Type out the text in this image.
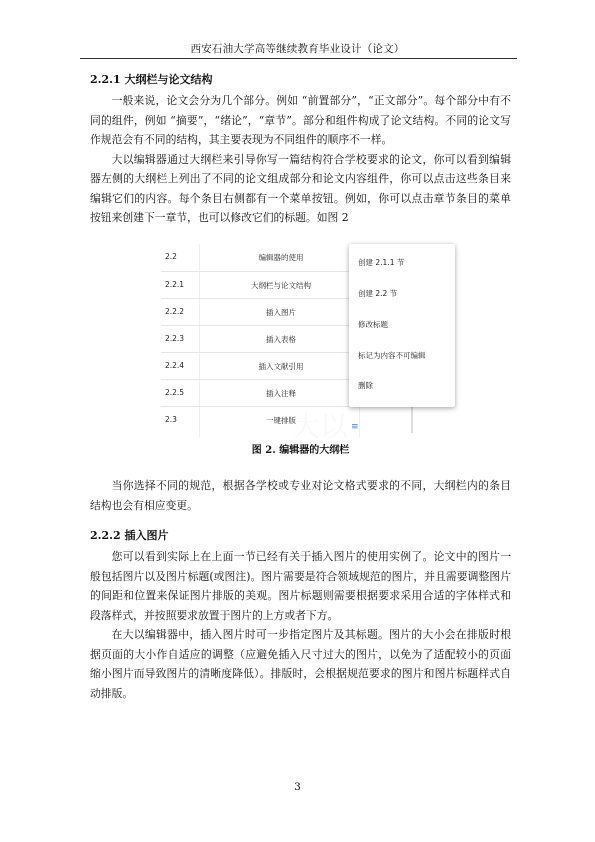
西安石油大学高等继续教育毕业设计（论文）
2.2.1 大纲栏与论文结构

一般来说，论文会分为几个部分。例如 “前置部分”，“正文部分”。每个部分中有不同的组件，例如 “摘要”，“绪论”，“章节”。部分和组件构成了论文结构。不同的论文写作规范会有不同的结构，其主要表现为不同组件的顺序不一样。

大以编辑器通过大纲栏来引导你写一篇结构符合学校要求的论文，你可以看到编辑器左侧的大纲栏上列出了不同的论文组成部分和论文内容组件，你可以点击这些条目来编辑它们的内容。每个条目右侧都有一个菜单按钮。例如，你可以点击章节条目的菜单按钮来创建下一章节，也可以修改它们的标题。如图 2

2.2	编辑器的使用
2.2.1	大纲栏与论文结构
2.2.2	插入图片
2.2.3	插入表格
2.2.4	插入文献引用
2.2.5	插入注释
2.3	一键排版
≡
创建 2.1.1 节
创建 2.2 节
修改标题
标记为内容不可编辑
删除
大以
图 2. 编辑器的大纲栏

当你选择不同的规范，根据各学校或专业对论文格式要求的不同，大纲栏内的条目结构也会有相应变更。

2.2.2 插入图片

您可以看到实际上在上面一节已经有关于插入图片的使用实例了。论文中的图片一般包括图片以及图片标题(或图注)。图片需要是符合领域规范的图片，并且需要调整图片的间距和位置来保证图片排版的美观。图片标题则需要根据要求采用合适的字体样式和段落样式，并按照要求放置于图片的上方或者下方。

在大以编辑器中，插入图片时可一步指定图片及其标题。图片的大小会在排版时根据页面的大小作自适应的调整（应避免插入尺寸过大的图片，以免为了适配较小的页面缩小图片而导致图片的清晰度降低）。排版时，会根据规范要求的图片和图片标题样式自动排版。

3
